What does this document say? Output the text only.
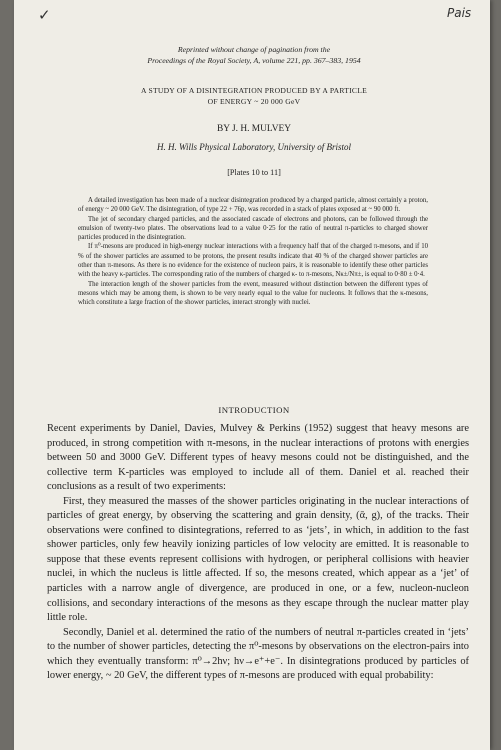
✓	Pais
Reprinted without change of pagination from the
Proceedings of the Royal Society, A, volume 221, pp. 367–383, 1954
A STUDY OF A DISINTEGRATION PRODUCED BY A PARTICLE
OF ENERGY ~ 20 000 GeV
BY J. H. MULVEY
H. H. Wills Physical Laboratory, University of Bristol
[Plates 10 to 11]

A detailed investigation has been made of a nuclear disintegration produced by a charged particle, almost certainly a proton, of energy ~ 20 000 GeV. The disintegration, of type 22 + 76p, was recorded in a stack of plates exposed at ~ 90 000 ft.

The jet of secondary charged particles, and the associated cascade of electrons and photons, can be followed through the emulsion of twenty-two plates. The observations lead to a value 0·25 for the ratio of neutral π-particles to charged shower particles produced in the disintegration.

If π⁰-mesons are produced in high-energy nuclear interactions with a frequency half that of the charged π-mesons, and if 10 % of the shower particles are assumed to be protons, the present results indicate that 40 % of the charged shower particles are other than π-mesons. As there is no evidence for the existence of nucleon pairs, it is reasonable to identify these other particles with the heavy κ-particles. The corresponding ratio of the numbers of charged κ- to π-mesons, Nκ±/Nπ±, is equal to 0·80 ± 0·4.

The interaction length of the shower particles from the event, measured without distinction between the different types of mesons which may be among them, is shown to be very nearly equal to the value for nucleons. It follows that the κ-mesons, which constitute a large fraction of the shower particles, interact strongly with nuclei.

INTRODUCTION

Recent experiments by Daniel, Davies, Mulvey & Perkins (1952) suggest that heavy mesons are produced, in strong competition with π-mesons, in the nuclear interactions of protons with energies between 50 and 3000 GeV. Different types of heavy mesons could not be distinguished, and the collective term K-particles was employed to include all of them. Daniel et al. reached their conclusions as a result of two experiments:

First, they measured the masses of the shower particles originating in the nuclear interactions of particles of great energy, by observing the scattering and grain density, (ᾱ, g), of the tracks. Their observations were confined to disintegrations, referred to as ‘jets’, in which, in addition to the fast shower particles, only few heavily ionizing particles of low velocity are emitted. It is reasonable to suppose that these events represent collisions with hydrogen, or peripheral collisions with heavier nuclei, in which the nucleus is little affected. If so, the mesons created, which appear as a ‘jet’ of particles with a narrow angle of divergence, are produced in one, or a few, nucleon-nucleon collisions, and secondary interactions of the mesons as they escape through the nuclear matter play little role.

Secondly, Daniel et al. determined the ratio of the numbers of neutral π-particles created in ‘jets’ to the number of shower particles, detecting the π⁰-mesons by observations on the electron-pairs into which they eventually transform: π⁰→2hν; hν→e⁺+e⁻. In disintegrations produced by particles of lower energy, ~ 20 GeV, the different types of π-mesons are produced with equal probability:
